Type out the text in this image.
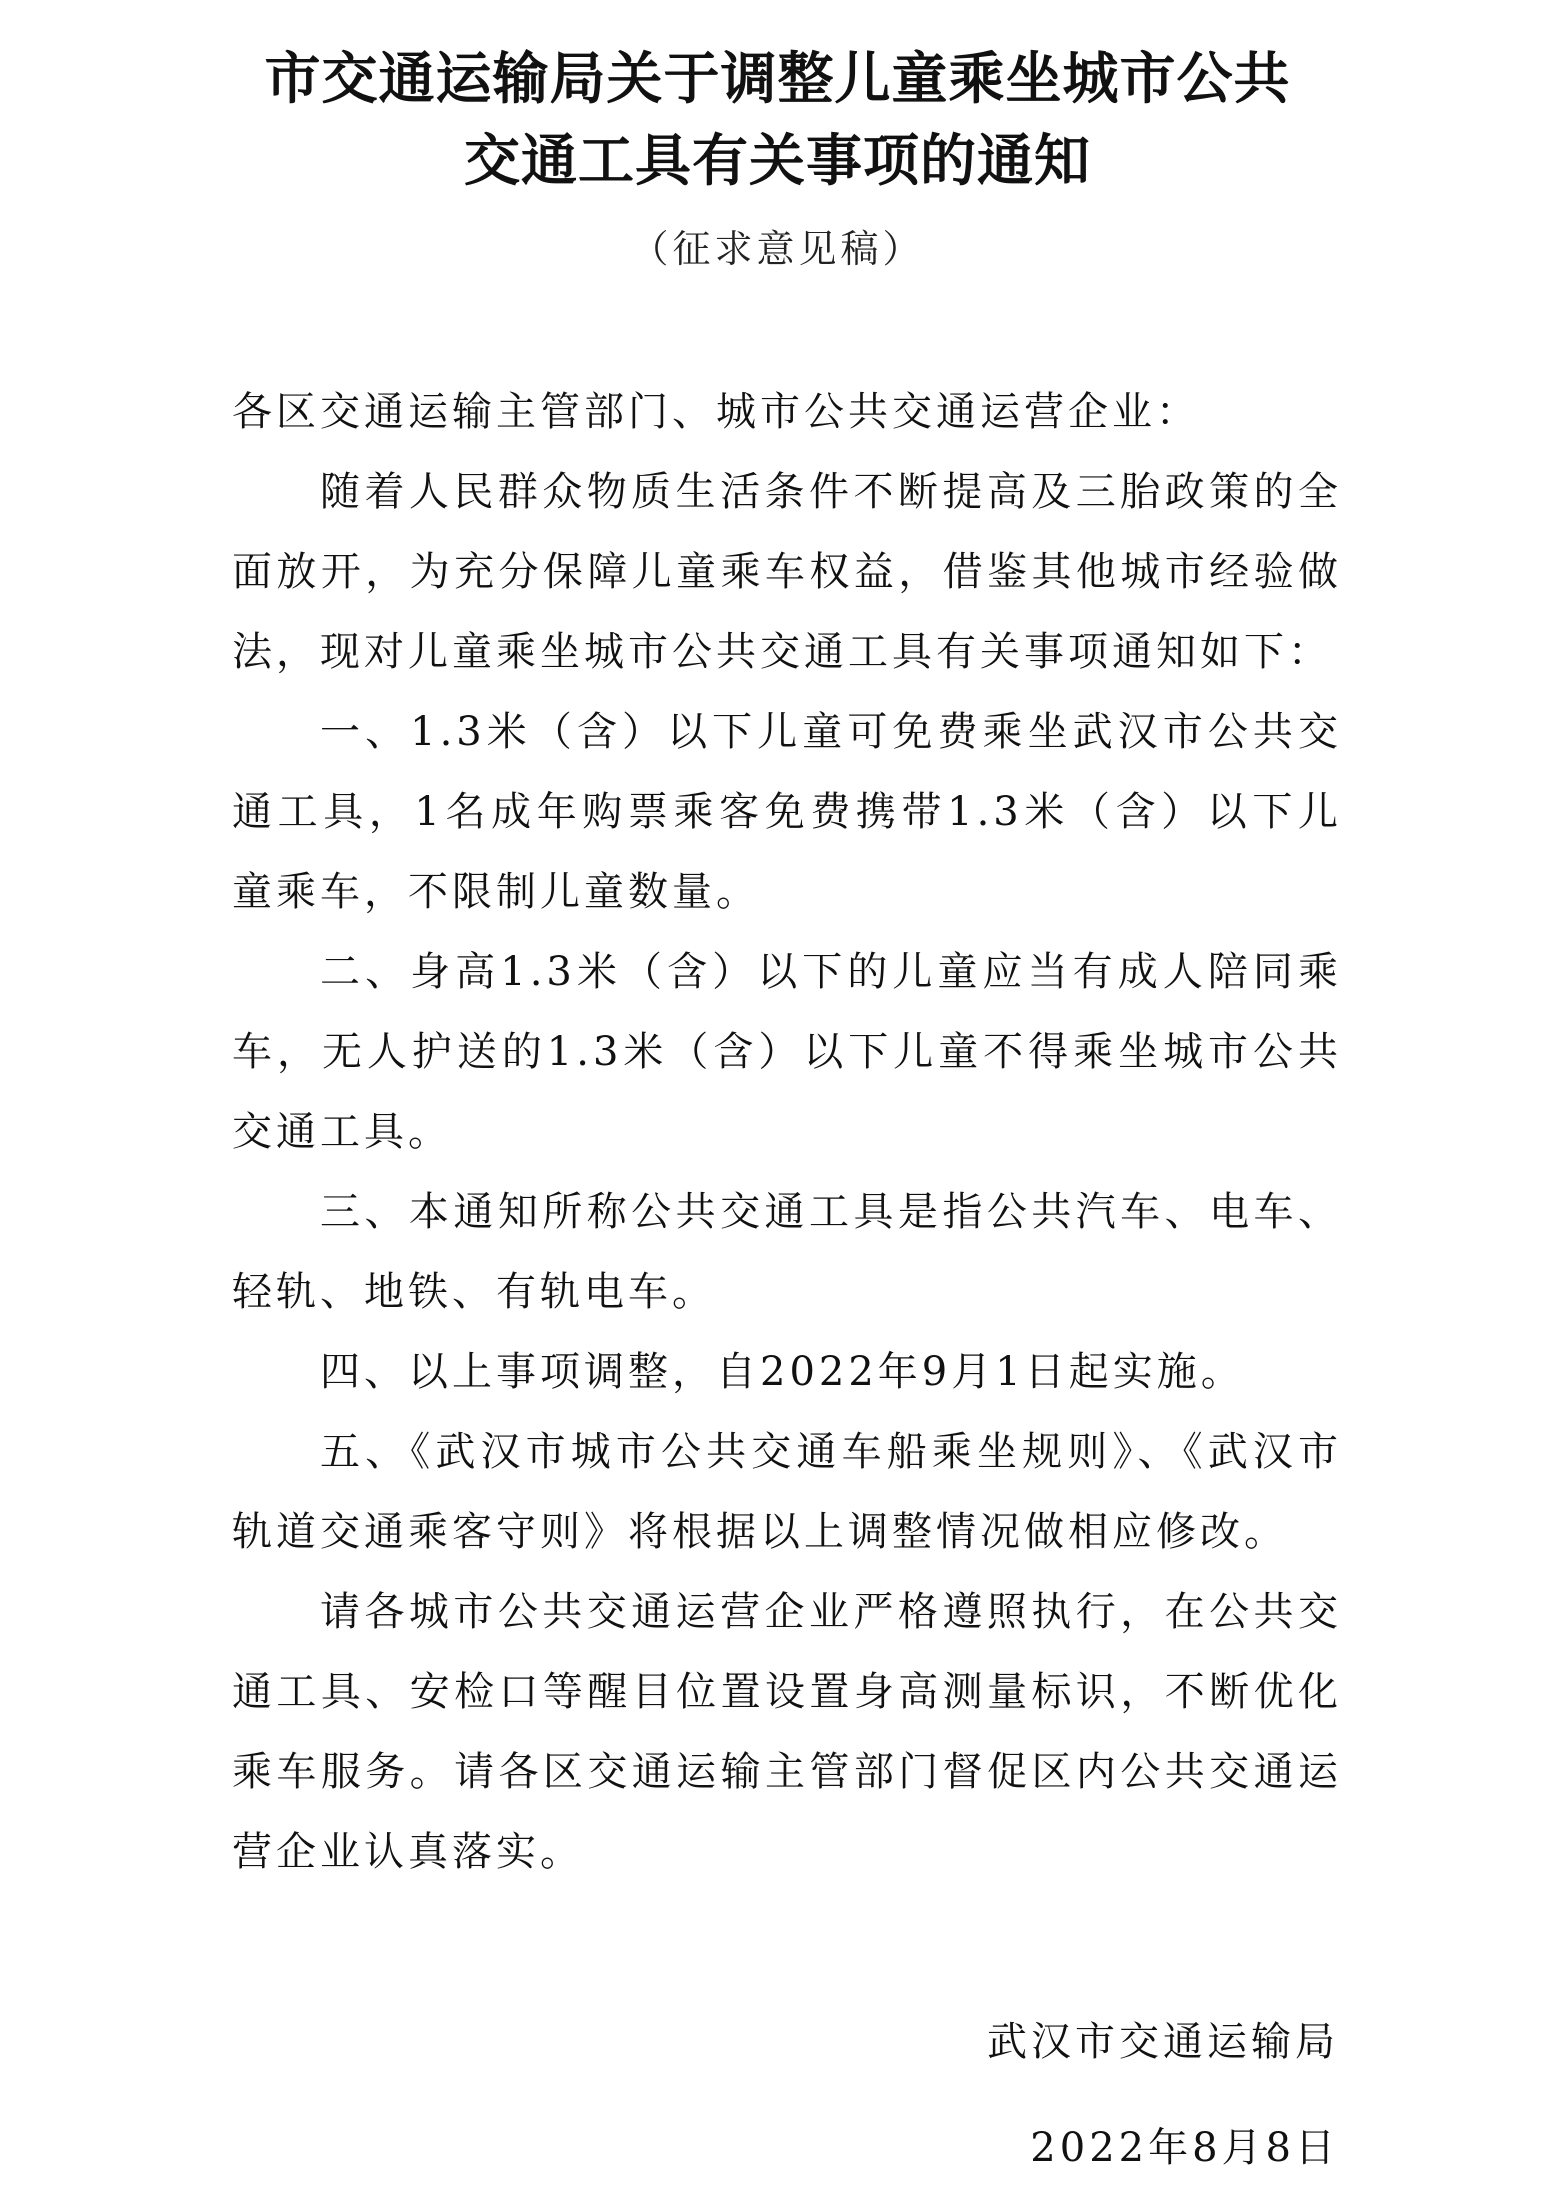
市交通运输局关于调整儿童乘坐城市公共
交通工具有关事项的通知
（征求意见稿）

各区交通运输主管部门、城市公共交通运营企业：

随着人民群众物质生活条件不断提高及三胎政策的全面放开，为充分保障儿童乘车权益，借鉴其他城市经验做法，现对儿童乘坐城市公共交通工具有关事项通知如下：

一、1.3米（含）以下儿童可免费乘坐武汉市公共交通工具，1名成年购票乘客免费携带1.3米（含）以下儿童乘车，不限制儿童数量。

二、身高1.3米（含）以下的儿童应当有成人陪同乘车，无人护送的1.3米（含）以下儿童不得乘坐城市公共交通工具。

三、本通知所称公共交通工具是指公共汽车、电车、轻轨、地铁、有轨电车。

四、以上事项调整，自2022年9月1日起实施。

五、《武汉市城市公共交通车船乘坐规则》、《武汉市轨道交通乘客守则》将根据以上调整情况做相应修改。

请各城市公共交通运营企业严格遵照执行，在公共交通工具、安检口等醒目位置设置身高测量标识，不断优化乘车服务。请各区交通运输主管部门督促区内公共交通运营企业认真落实。

武汉市交通运输局
2022年8月8日
